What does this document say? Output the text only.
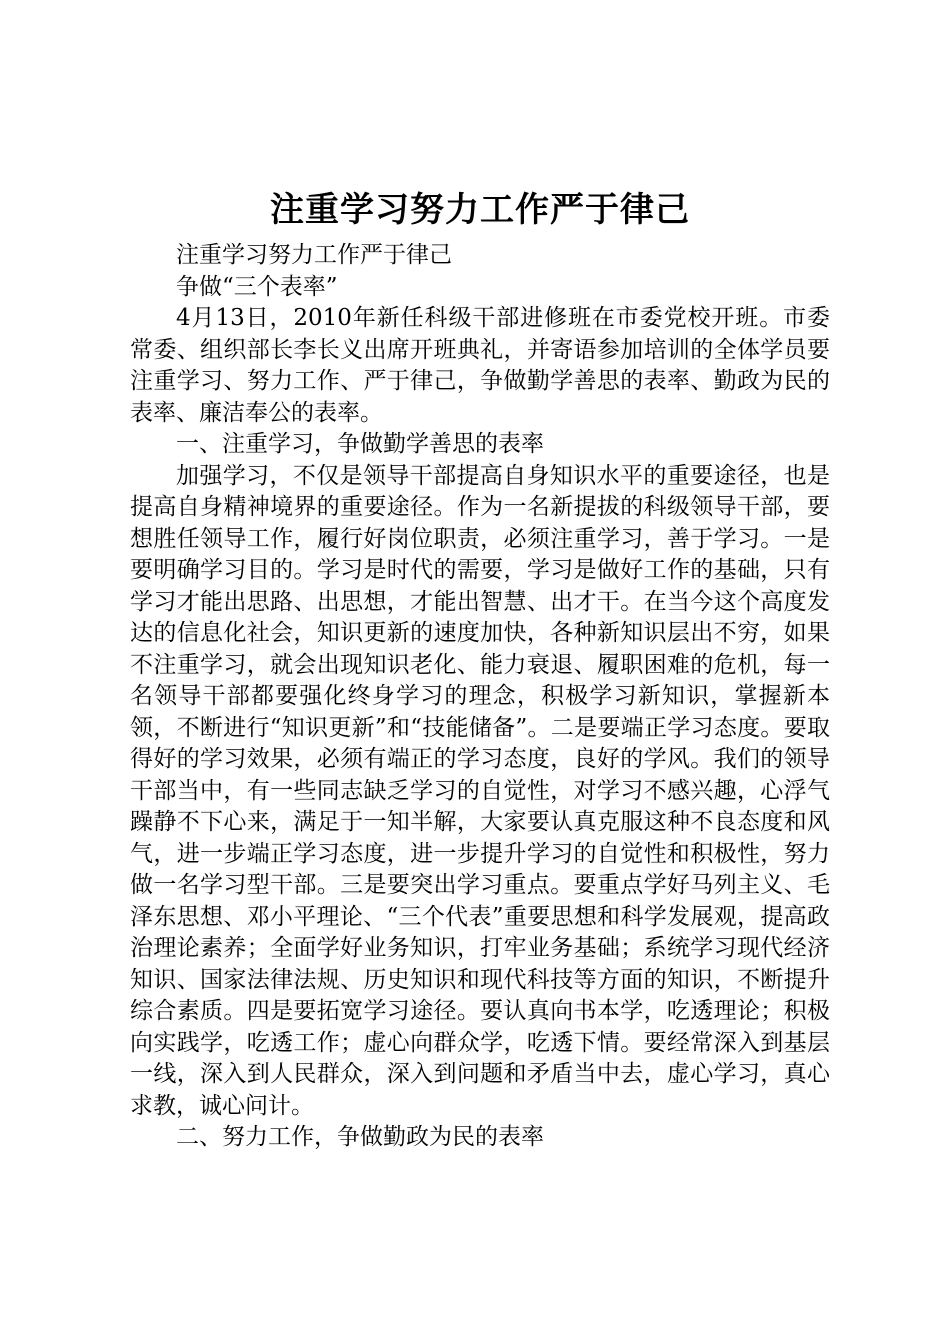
注重学习努力工作严于律己

注重学习努力工作严于律己

争做“三个表率”

4月13日，2010年新任科级干部进修班在市委党校开班。市委常委、组织部长李长义出席开班典礼，并寄语参加培训的全体学员要注重学习、努力工作、严于律己，争做勤学善思的表率、勤政为民的表率、廉洁奉公的表率。

一、注重学习，争做勤学善思的表率

加强学习，不仅是领导干部提高自身知识水平的重要途径，也是提高自身精神境界的重要途径。作为一名新提拔的科级领导干部，要想胜任领导工作，履行好岗位职责，必须注重学习，善于学习。一是要明确学习目的。学习是时代的需要，学习是做好工作的基础，只有学习才能出思路、出思想，才能出智慧、出才干。在当今这个高度发达的信息化社会，知识更新的速度加快，各种新知识层出不穷，如果不注重学习，就会出现知识老化、能力衰退、履职困难的危机，每一名领导干部都要强化终身学习的理念，积极学习新知识，掌握新本领，不断进行“知识更新”和“技能储备”。二是要端正学习态度。要取得好的学习效果，必须有端正的学习态度，良好的学风。我们的领导干部当中，有一些同志缺乏学习的自觉性，对学习不感兴趣，心浮气躁静不下心来，满足于一知半解，大家要认真克服这种不良态度和风气，进一步端正学习态度，进一步提升学习的自觉性和积极性，努力做一名学习型干部。三是要突出学习重点。要重点学好马列主义、毛泽东思想、邓小平理论、“三个代表”重要思想和科学发展观，提高政治理论素养；全面学好业务知识，打牢业务基础；系统学习现代经济知识、国家法律法规、历史知识和现代科技等方面的知识，不断提升综合素质。四是要拓宽学习途径。要认真向书本学，吃透理论；积极向实践学，吃透工作；虚心向群众学，吃透下情。要经常深入到基层一线，深入到人民群众，深入到问题和矛盾当中去，虚心学习，真心求教，诚心问计。

二、努力工作，争做勤政为民的表率
